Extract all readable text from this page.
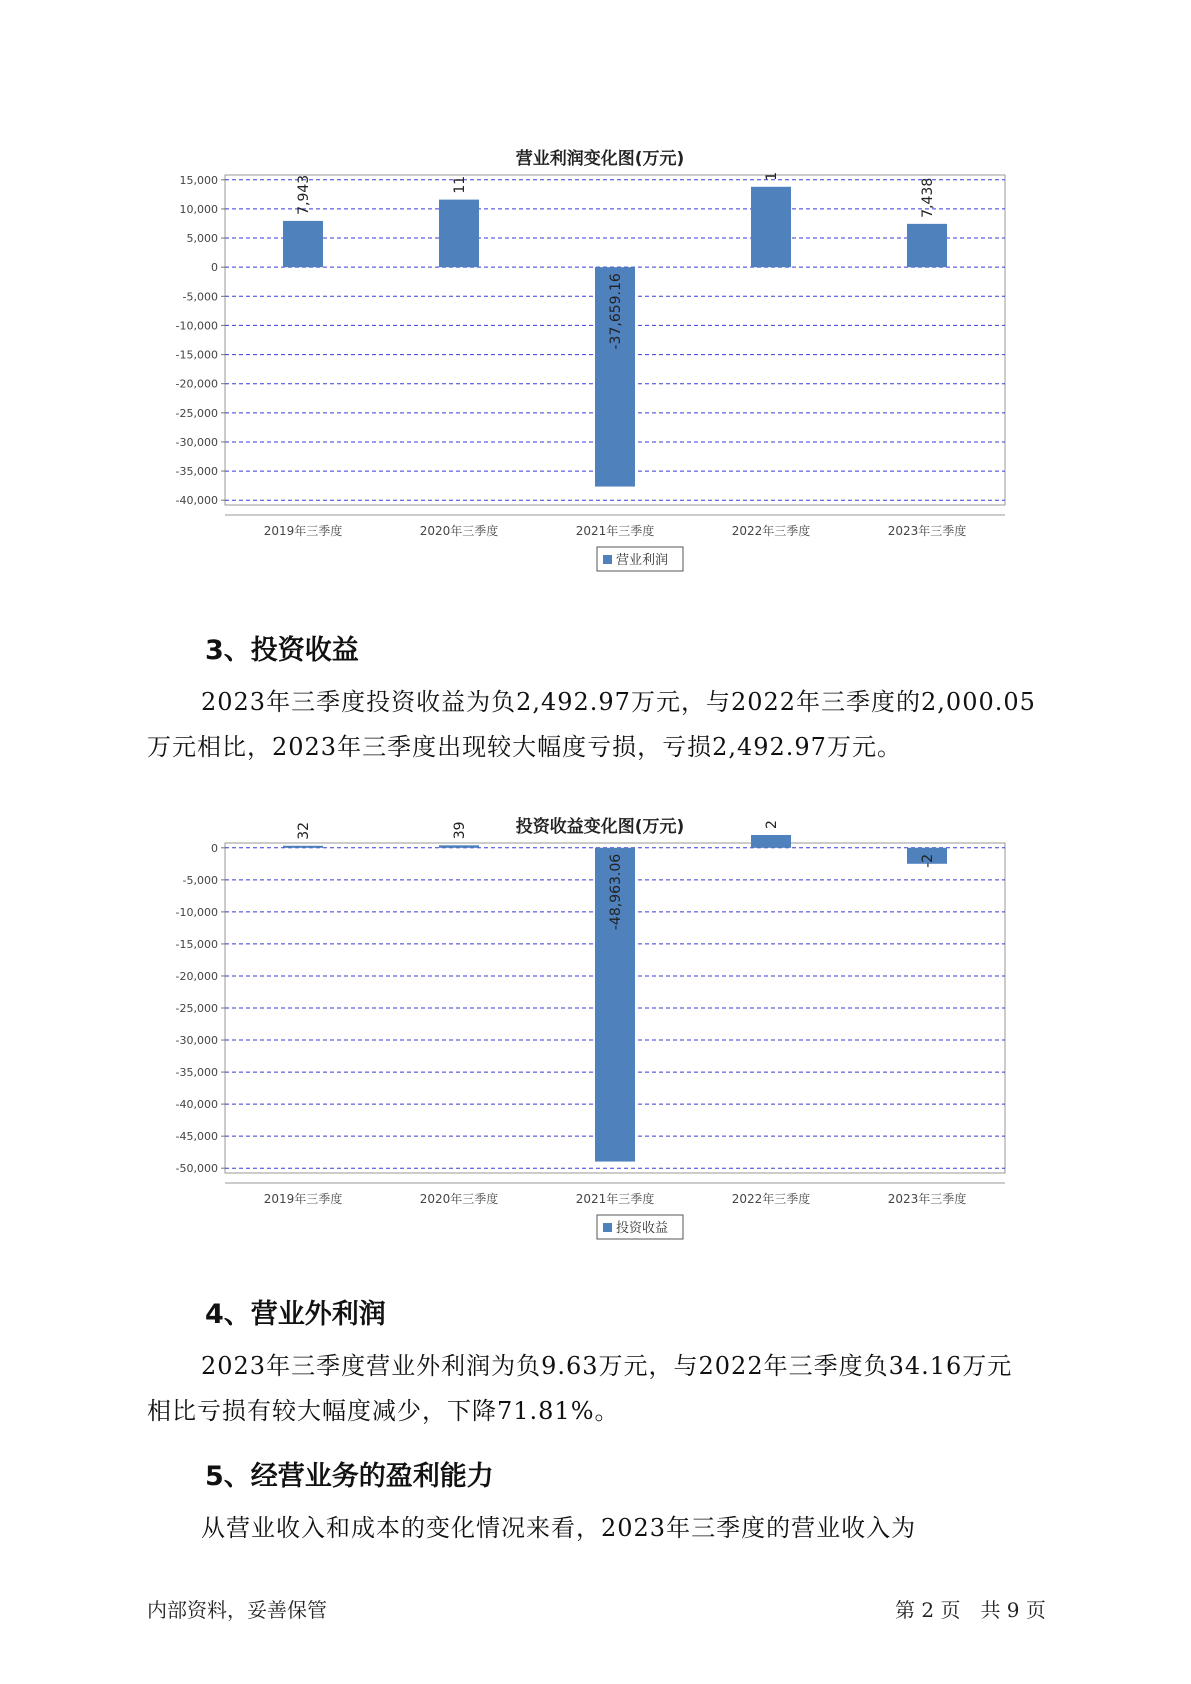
营业利润变化图(万元)
15,000
10,000
5,000
0
-5,000
-10,000
-15,000
-20,000
-25,000
-30,000
-35,000
-40,000
7,943
2019年三季度
11
2020年三季度
-37,659.16
2021年三季度
1
2022年三季度
7,438
2023年三季度
营业利润
3、投资收益
2023年三季度投资收益为负2,492.97万元，与2022年三季度的2,000.05
万元相比，2023年三季度出现较大幅度亏损，亏损2,492.97万元。
投资收益变化图(万元)
0
-5,000
-10,000
-15,000
-20,000
-25,000
-30,000
-35,000
-40,000
-45,000
-50,000
32
2019年三季度
39
2020年三季度
-48,963.06
2021年三季度
2
2022年三季度
-2
2023年三季度
投资收益
4、营业外利润
2023年三季度营业外利润为负9.63万元，与2022年三季度负34.16万元
相比亏损有较大幅度减少，下降71.81%。
5、经营业务的盈利能力
从营业收入和成本的变化情况来看，2023年三季度的营业收入为
内部资料，妥善保管	第 2 页　共 9 页
